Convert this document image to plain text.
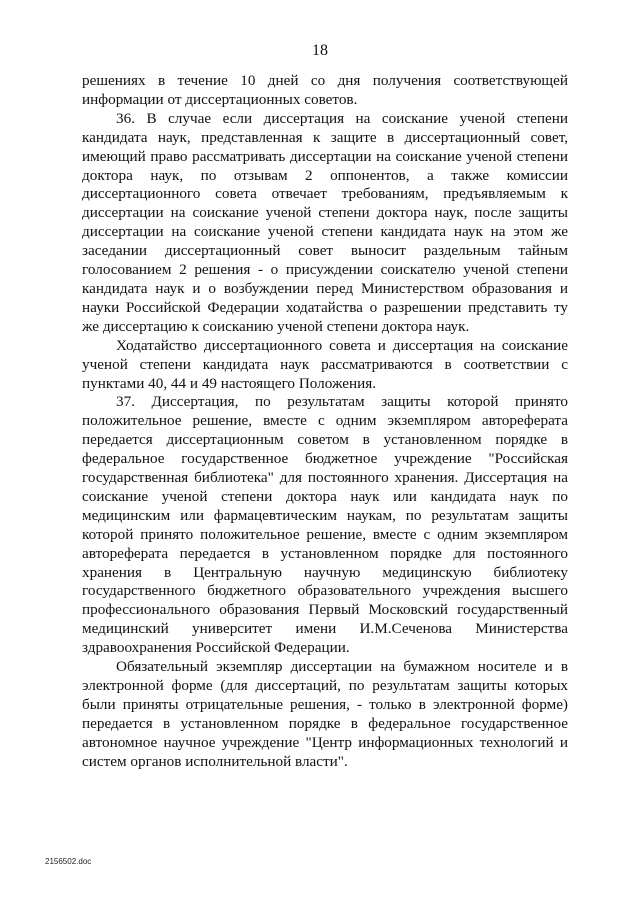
18

решениях в течение 10 дней со дня получения соответствующей информации от диссертационных советов.

36. В случае если диссертация на соискание ученой степени кандидата наук, представленная к защите в диссертационный совет, имеющий право рассматривать диссертации на соискание ученой степени доктора наук, по отзывам 2 оппонентов, а также комиссии диссертационного совета отвечает требованиям, предъявляемым к диссертации на соискание ученой степени доктора наук, после защиты диссертации на соискание ученой степени кандидата наук на этом же заседании диссертационный совет выносит раздельным тайным голосованием 2 решения - о присуждении соискателю ученой степени кандидата наук и о возбуждении перед Министерством образования и науки Российской Федерации ходатайства о разрешении представить ту же диссертацию к соисканию ученой степени доктора наук.

Ходатайство диссертационного совета и диссертация на соискание ученой степени кандидата наук рассматриваются в соответствии с пунктами 40, 44 и 49 настоящего Положения.

37. Диссертация, по результатам защиты которой принято положительное решение, вместе с одним экземпляром автореферата передается диссертационным советом в установленном порядке в федеральное государственное бюджетное учреждение "Российская государственная библиотека" для постоянного хранения. Диссертация на соискание ученой степени доктора наук или кандидата наук по медицинским или фармацевтическим наукам, по результатам защиты которой принято положительное решение, вместе с одним экземпляром автореферата передается в установленном порядке для постоянного хранения в Центральную научную медицинскую библиотеку государственного бюджетного образовательного учреждения высшего профессионального образования Первый Московский государственный медицинский университет имени И.М.Сеченова Министерства здравоохранения Российской Федерации.

Обязательный экземпляр диссертации на бумажном носителе и в электронной форме (для диссертаций, по результатам защиты которых были приняты отрицательные решения, - только в электронной форме) передается в установленном порядке в федеральное государственное автономное научное учреждение "Центр информационных технологий и систем органов исполнительной власти".

2156502.doc
